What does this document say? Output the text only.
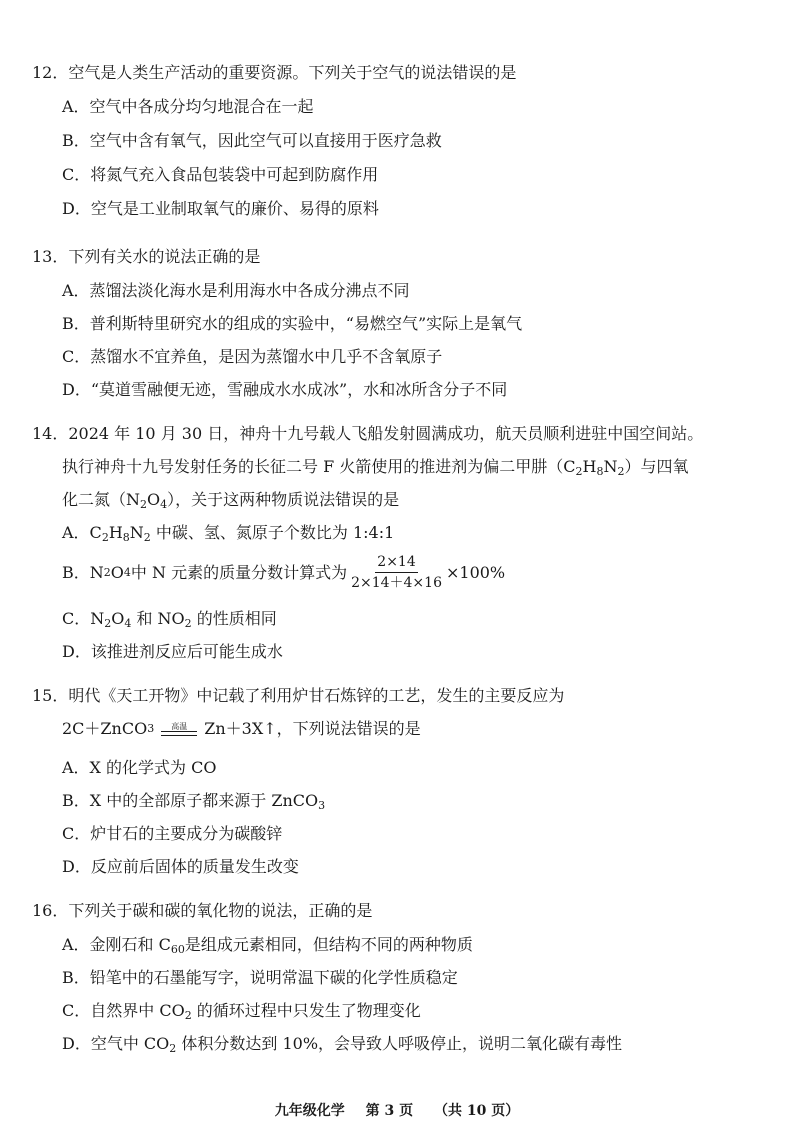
12．空气是人类生产活动的重要资源。下列关于空气的说法错误的是

A．空气中各成分均匀地混合在一起

B．空气中含有氧气，因此空气可以直接用于医疗急救

C．将氮气充入食品包装袋中可起到防腐作用

D．空气是工业制取氧气的廉价、易得的原料

13．下列有关水的说法正确的是

A．蒸馏法淡化海水是利用海水中各成分沸点不同

B．普利斯特里研究水的组成的实验中，“易燃空气”实际上是氧气

C．蒸馏水不宜养鱼，是因为蒸馏水中几乎不含氧原子

D．“莫道雪融便无迹，雪融成水水成冰”，水和冰所含分子不同

14．2024 年 10 月 30 日，神舟十九号载人飞船发射圆满成功，航天员顺利进驻中国空间站。

执行神舟十九号发射任务的长征二号 F 火箭使用的推进剂为偏二甲肼$(C_2H_8N_2)$与四氧

化二氮$(N_2O_4)$，关于这两种物质说法错误的是

A．$C_2H_8N_2$ 中碳、氢、氮原子个数比为 1:4:1

B．N 2 O 4 中 N 元素的质量分数计算式为 $\frac{2\times 14}{2\times 14+4\times 16} \times 100\%$

C．$N_2O_4$ 和 $NO_2$ 的性质相同

D．该推进剂反应后可能生成水

15．明代《天工开物》中记载了利用炉甘石炼锌的工艺，发生的主要反应为

2C＋ZnCO 3 高温 Zn＋3X↑，下列说法错误的是

A．X 的化学式为 CO

B．X 中的全部原子都来源于 ZnCO$_3$

C．炉甘石的主要成分为碳酸锌

D．反应前后固体的质量发生改变

16．下列关于碳和碳的氧化物的说法，正确的是

A．金刚石和 $C_{60}$是组成元素相同，但结构不同的两种物质

B．铅笔中的石墨能写字，说明常温下碳的化学性质稳定

C．自然界中 $CO_2$ 的循环过程中只发生了物理变化

D．空气中 $CO_2$ 体积分数达到 10%，会导致人呼吸停止，说明二氧化碳有毒性

九年级化学 第 3 页 （共 10 页）
